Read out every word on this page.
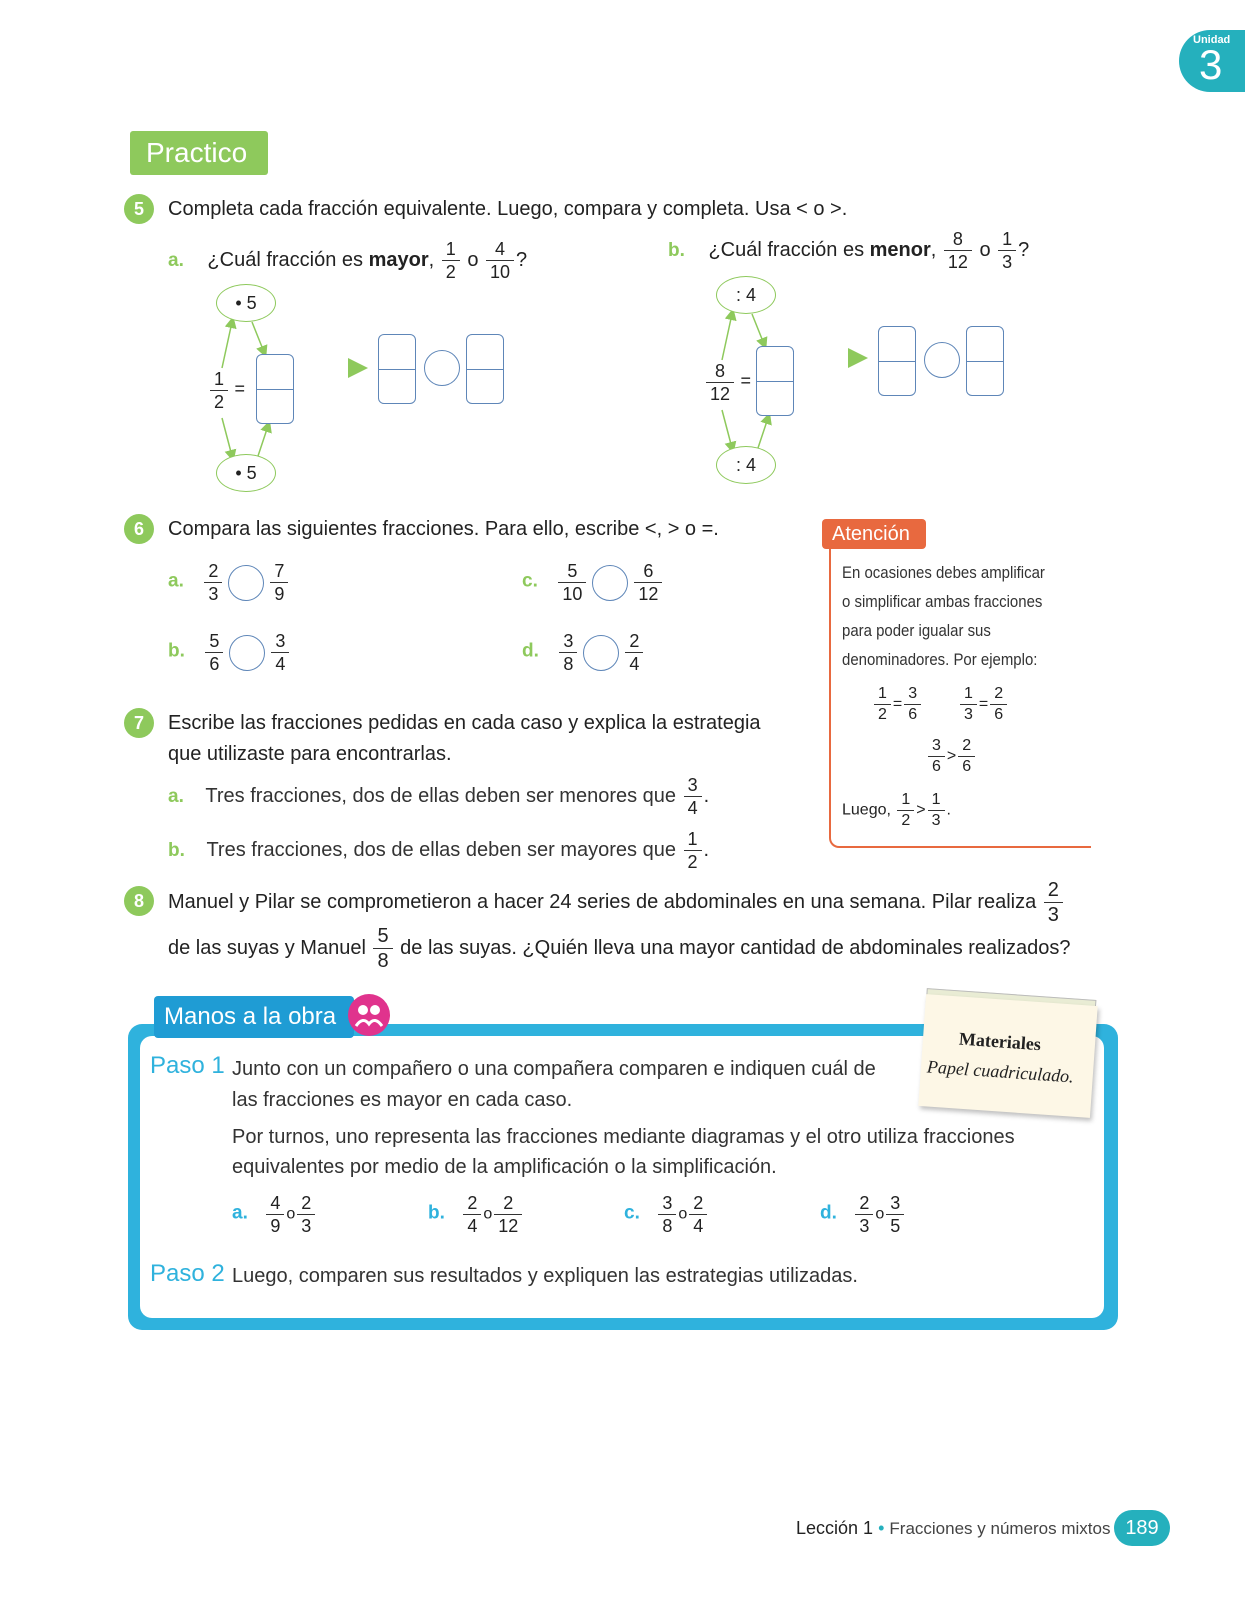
Unidad
3
Practico
5	Completa cada fracción equivalente. Luego, compara y completa. Usa < o >.
a. ¿Cuál fracción es mayor, $\frac{1}{2}$ o $\frac{4}{10}$ ?	b. ¿Cuál fracción es menor, $\frac{8}{12}$ o $\frac{1}{3}$ ?
• 5
• 5
$\frac{1}{2}$ =
: 4
: 4
$\frac{8}{12}$ =
6	Compara las siguientes fracciones. Para ello, escribe <, > o =.
a. $\frac{2}{3}$	$\frac{7}{9}$
b. $\frac{5}{6}$	$\frac{3}{4}$
c. $\frac{5}{10}$	$\frac{6}{12}$
d. $\frac{3}{8}$	$\frac{2}{4}$
Atención
En ocasiones debes amplificar o simplificar ambas fracciones para poder igualar sus denominadores. Por ejemplo:
$\frac{1}{2} = \frac{3}{6} \frac{1}{3} = \frac{2}{6}$
$\frac{3}{6} > \frac{2}{6}$
Luego, $\frac{1}{2} > \frac{1}{3}$ .
7	Escribe las fracciones pedidas en cada caso y explica la estrategia
que utilizaste para encontrarlas.
a. Tres fracciones, dos de ellas deben ser menores que $\frac{3}{4}$ .
b. Tres fracciones, dos de ellas deben ser mayores que $\frac{1}{2}$ .
8	Manuel y Pilar se comprometieron a hacer 24 series de abdominales en una semana. Pilar realiza $\frac{2}{3}$
de las suyas y Manuel $\frac{5}{8}$ de las suyas. ¿Quién lleva una mayor cantidad de abdominales realizados?
Manos a la obra
Materiales
Papel cuadriculado.
Paso 1 Junto con un compañero o una compañera comparen e indiquen cuál de
las fracciones es mayor en cada caso.
Por turnos, uno representa las fracciones mediante diagramas y el otro utiliza fracciones
equivalentes por medio de la amplificación o la simplificación.
a. $\frac{4}{9}$ o $\frac{2}{3}$	b. $\frac{2}{4}$ o $\frac{2}{12}$	c. $\frac{3}{8}$ o $\frac{2}{4}$	d. $\frac{2}{3}$ o $\frac{3}{5}$
Paso 2 Luego, comparen sus resultados y expliquen las estrategias utilizadas.
Lección 1 • Fracciones y números mixtos 189
